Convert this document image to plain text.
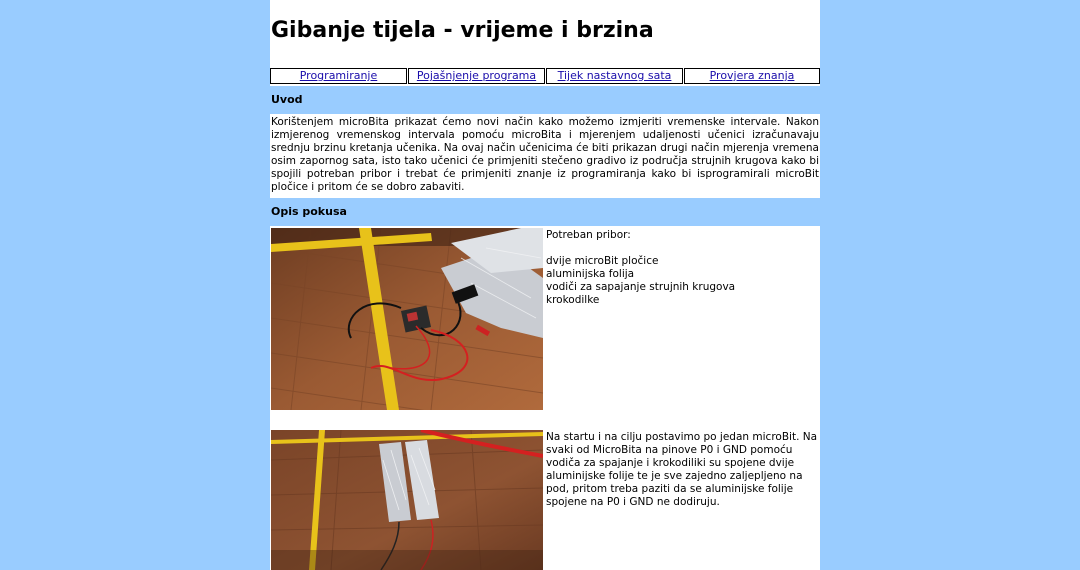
Gibanje tijela - vrijeme i brzina
Programiranje	Pojašnjenje programa	Tijek nastavnog sata	Provjera znanja
Uvod

Korištenjem microBita prikazat ćemo novi način kako možemo izmjeriti vremenske intervale. Nakon izmjerenog vremenskog intervala pomoću microBita i mjerenjem udaljenosti učenici izračunavaju srednju brzinu kretanja učenika. Na ovaj način učenicima će biti prikazan drugi način mjerenja vremena osim zapornog sata, isto tako učenici će primjeniti stečeno gradivo iz područja strujnih krugova kako bi spojili potreban pribor i trebat će primjeniti znanje iz programiranja kako bi isprogramirali microBit pločice i pritom će se dobro zabaviti.

Opis pokusa

Potreban pribor:

dvije microBit pločice
aluminijska folija
vodiči za sapajanje strujnih krugova
krokodilke

Na startu i na cilju postavimo po jedan microBit. Na svaki od MicroBita na pinove P0 i GND pomoću vodiča za spajanje i krokodiliki su spojene dvije aluminijske folije te je sve zajedno zaljepljeno na pod, pritom treba paziti da se aluminijske folije spojene na P0 i GND ne dodiruju.
